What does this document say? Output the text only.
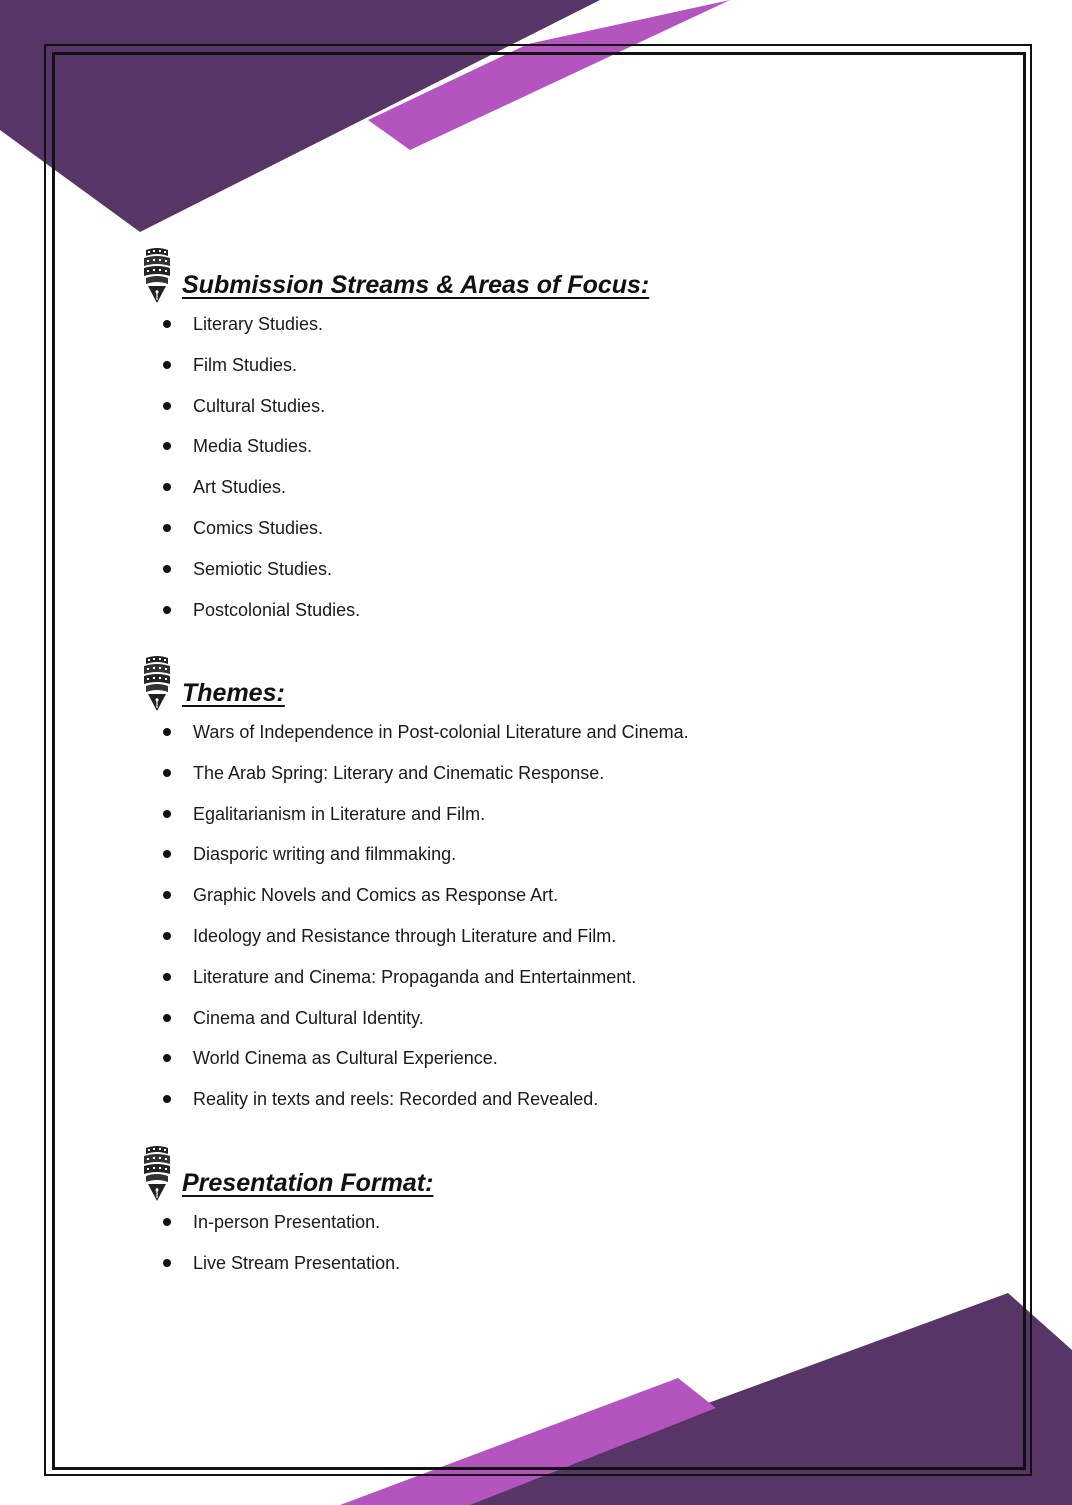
Submission Streams & Areas of Focus:
Literary Studies.
Film Studies.
Cultural Studies.
Media Studies.
Art Studies.
Comics Studies.
Semiotic Studies.
Postcolonial Studies.
Themes:
Wars of Independence in Post-colonial Literature and Cinema.
The Arab Spring: Literary and Cinematic Response.
Egalitarianism in Literature and Film.
Diasporic writing and filmmaking.
Graphic Novels and Comics as Response Art.
Ideology and Resistance through Literature and Film.
Literature and Cinema: Propaganda and Entertainment.
Cinema and Cultural Identity.
World Cinema as Cultural Experience.
Reality in texts and reels: Recorded and Revealed.
Presentation Format:
In-person Presentation.
Live Stream Presentation.
